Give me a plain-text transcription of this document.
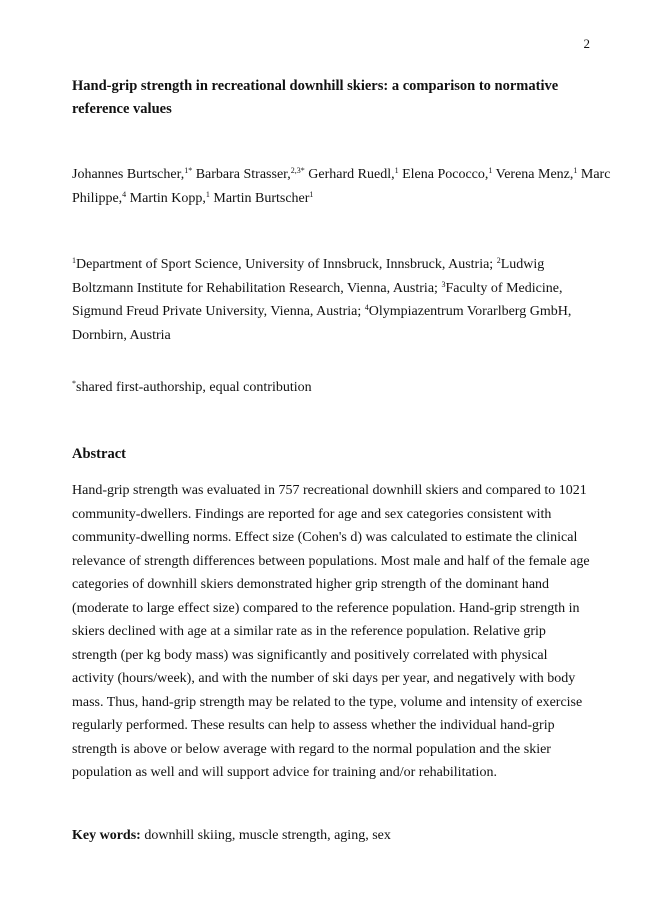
2
Hand-grip strength in recreational downhill skiers: a comparison to normative reference values

Johannes Burtscher,$^{1*}$ Barbara Strasser,$^{2,3*}$ Gerhard Ruedl,$^1$ Elena Pococco,$^1$ Verena Menz,$^1$ Marc Philippe,$^4$ Martin Kopp,$^1$ Martin Burtscher$^1$

$^1$Department of Sport Science, University of Innsbruck, Innsbruck, Austria; $^2$Ludwig Boltzmann Institute for Rehabilitation Research, Vienna, Austria; $^3$Faculty of Medicine, Sigmund Freud Private University, Vienna, Austria; $^4$Olympiazentrum Vorarlberg GmbH, Dornbirn, Austria

*shared first-authorship, equal contribution

Abstract

Hand-grip strength was evaluated in 757 recreational downhill skiers and compared to 1021 community-dwellers. Findings are reported for age and sex categories consistent with community-dwelling norms. Effect size (Cohen's d) was calculated to estimate the clinical relevance of strength differences between populations. Most male and half of the female age categories of downhill skiers demonstrated higher grip strength of the dominant hand (moderate to large effect size) compared to the reference population. Hand-grip strength in skiers declined with age at a similar rate as in the reference population. Relative grip strength (per kg body mass) was significantly and positively correlated with physical activity (hours/week), and with the number of ski days per year, and negatively with body mass. Thus, hand-grip strength may be related to the type, volume and intensity of exercise regularly performed. These results can help to assess whether the individual hand-grip strength is above or below average with regard to the normal population and the skier population as well and will support advice for training and/or rehabilitation.

Key words: downhill skiing, muscle strength, aging, sex
